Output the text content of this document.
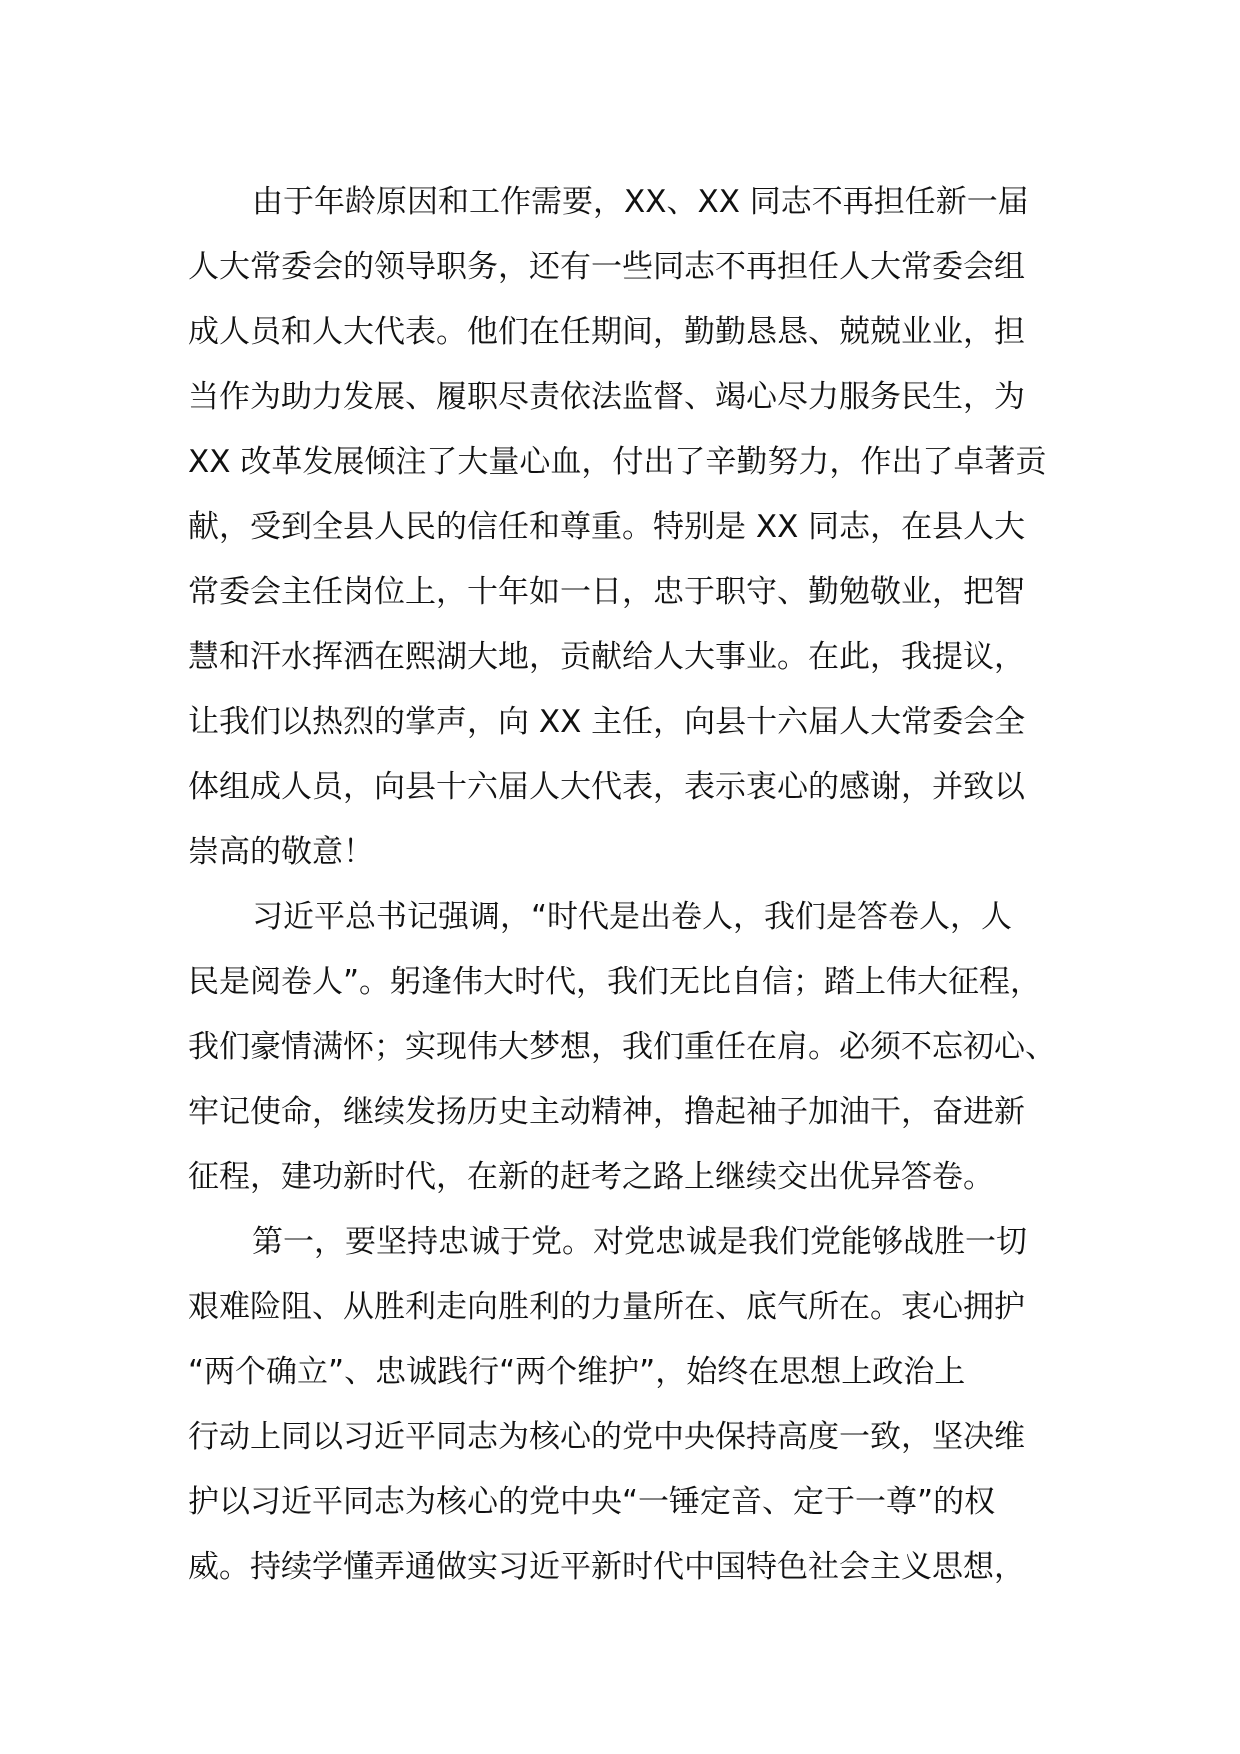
由于年龄原因和工作需要，XX、XX 同志不再担任新一届
人大常委会的领导职务，还有一些同志不再担任人大常委会组
成人员和人大代表。他们在任期间，勤勤恳恳、兢兢业业，担
当作为助力发展、履职尽责依法监督、竭心尽力服务民生，为
XX 改革发展倾注了大量心血，付出了辛勤努力，作出了卓著贡
献，受到全县人民的信任和尊重。特别是 XX 同志，在县人大
常委会主任岗位上，十年如一日，忠于职守、勤勉敬业，把智
慧和汗水挥洒在熙湖大地，贡献给人大事业。在此，我提议，
让我们以热烈的掌声，向 XX 主任，向县十六届人大常委会全
体组成人员，向县十六届人大代表，表示衷心的感谢，并致以
崇高的敬意！
习近平总书记强调，“时代是出卷人，我们是答卷人，人
民是阅卷人”。躬逢伟大时代，我们无比自信；踏上伟大征程，
我们豪情满怀；实现伟大梦想，我们重任在肩。必须不忘初心、
牢记使命，继续发扬历史主动精神，撸起袖子加油干，奋进新
征程，建功新时代，在新的赶考之路上继续交出优异答卷。
第一，要坚持忠诚于党。对党忠诚是我们党能够战胜一切
艰难险阻、从胜利走向胜利的力量所在、底气所在。衷心拥护
“两个确立”、忠诚践行“两个维护”，始终在思想上政治上
行动上同以习近平同志为核心的党中央保持高度一致，坚决维
护以习近平同志为核心的党中央“一锤定音、定于一尊”的权
威。持续学懂弄通做实习近平新时代中国特色社会主义思想，
